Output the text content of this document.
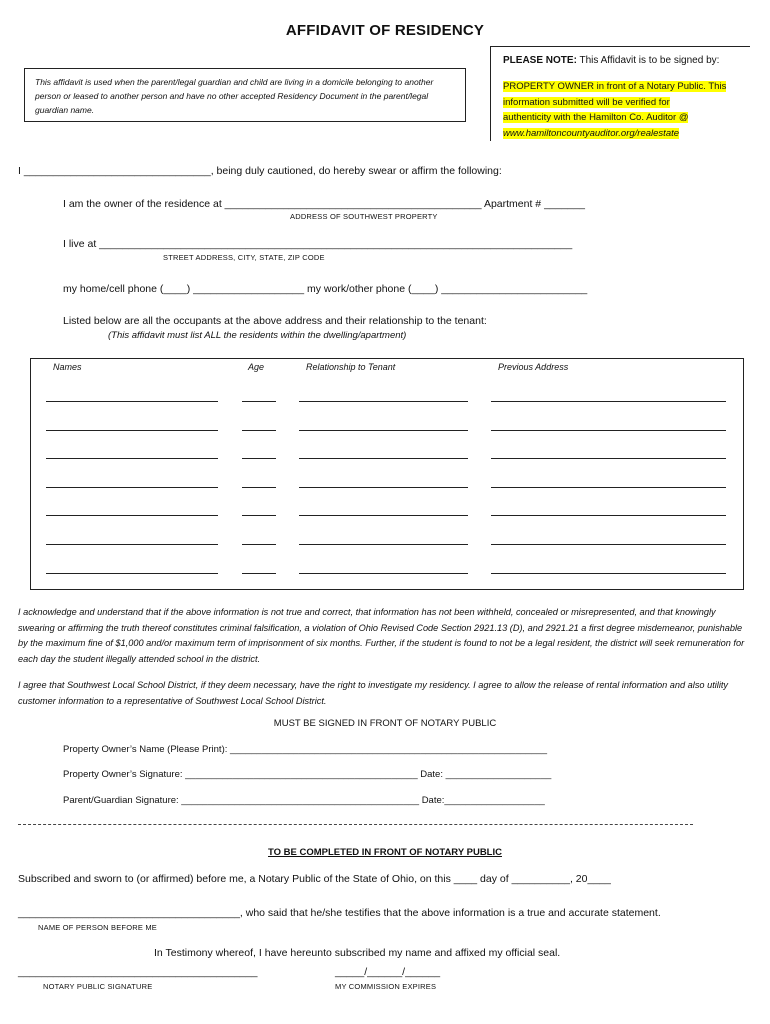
AFFIDAVIT OF RESIDENCY
This affidavit is used when the parent/legal guardian and child are living in a domicile belonging to another person or leased to another person and have no other accepted Residency Document in the parent/legal guardian name.
PLEASE NOTE: This Affidavit is to be signed by:
PROPERTY OWNER in front of a Notary Public. This
information submitted will be verified for
authenticity with the Hamilton Co. Auditor @
www.hamiltoncountyauditor.org/realestate
I ________________________________, being duly cautioned, do hereby swear or affirm the following:
I am the owner of the residence at ____________________________________________ Apartment # _______
ADDRESS OF SOUTHWEST PROPERTY
I live at _________________________________________________________________________________
STREET ADDRESS, CITY, STATE, ZIP CODE
my home/cell phone (____) ___________________ my work/other phone (____) _________________________
Listed below are all the occupants at the above address and their relationship to the tenant:
(This affidavit must list ALL the residents within the dwelling/apartment)
Names	Age	Relationship to Tenant	Previous Address
I acknowledge and understand that if the above information is not true and correct, that information has not been withheld, concealed or misrepresented, and that knowingly swearing or affirming the truth thereof constitutes criminal falsification, a violation of Ohio Revised Code Section 2921.13 (D), and 2921.21 a first degree misdemeanor, punishable by the maximum fine of $1,000 and/or maximum term of imprisonment of six months. Further, if the student is found to not be a legal resident, the district will seek remuneration for each day the student illegally attended school in the district.
I agree that Southwest Local School District, if they deem necessary, have the right to investigate my residency. I agree to allow the release of rental information and also utility customer information to a representative of Southwest Local School District.
MUST BE SIGNED IN FRONT OF NOTARY PUBLIC
Property Owner’s Name (Please Print): ____________________________________________________________
Property Owner’s Signature: ____________________________________________ Date: ____________________
Parent/Guardian Signature: _____________________________________________ Date:___________________
TO BE COMPLETED IN FRONT OF NOTARY PUBLIC
Subscribed and sworn to (or affirmed) before me, a Notary Public of the State of Ohio, on this ____ day of __________, 20____
______________________________________, who said that he/she testifies that the above information is a true and accurate statement.
NAME OF PERSON BEFORE ME
In Testimony whereof, I have hereunto subscribed my name and affixed my official seal.
_________________________________________
NOTARY PUBLIC SIGNATURE
_____/______/______
MY COMMISSION EXPIRES
